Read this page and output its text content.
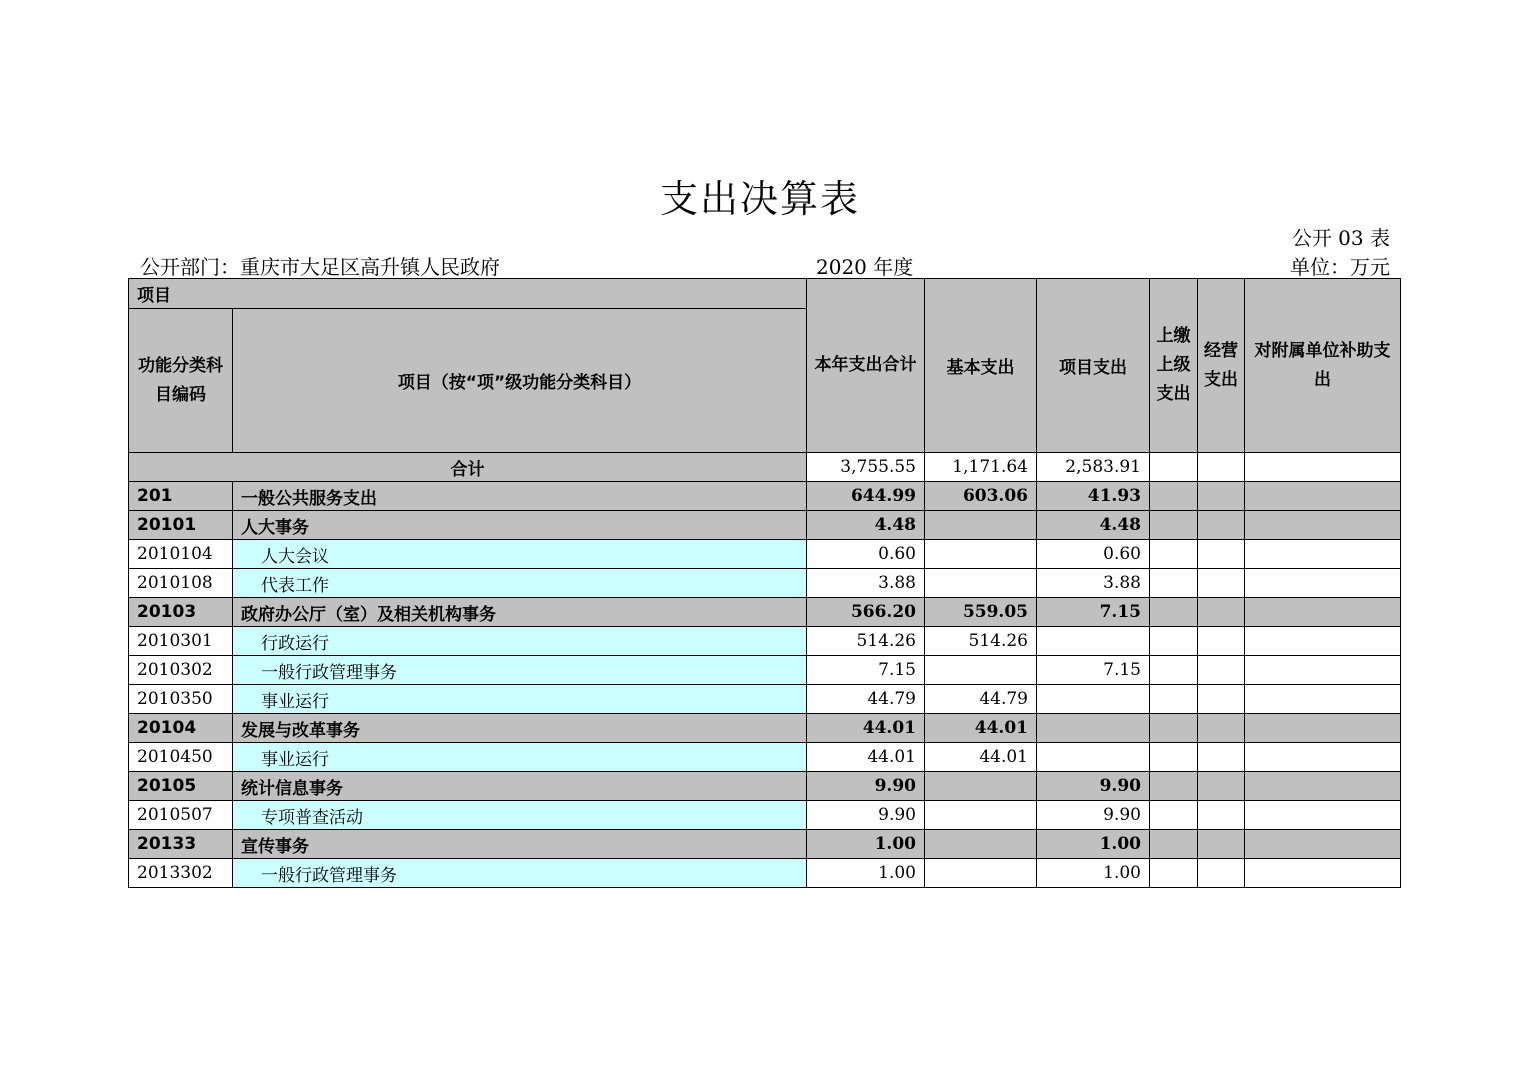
支出决算表
公开 03 表
公开部门：重庆市大足区高升镇人民政府	2020 年度	单位：万元
项目		本年支出合计	基本支出	项目支出	上缴上级支出	经营支出	对附属单位补助支出
功能分类科目编码	项目（按“项”级功能分类科目）						
合计		3,755.55	1,171.64	2,583.91			
201	一般公共服务支出	644.99	603.06	41.93			
20101	人大事务	4.48		4.48			
2010104	人大会议	0.60		0.60			
2010108	代表工作	3.88		3.88			
20103	政府办公厅（室）及相关机构事务	566.20	559.05	7.15			
2010301	行政运行	514.26	514.26				
2010302	一般行政管理事务	7.15		7.15			
2010350	事业运行	44.79	44.79				
20104	发展与改革事务	44.01	44.01				
2010450	事业运行	44.01	44.01				
20105	统计信息事务	9.90		9.90			
2010507	专项普查活动	9.90		9.90			
20133	宣传事务	1.00		1.00			
2013302	一般行政管理事务	1.00		1.00			
